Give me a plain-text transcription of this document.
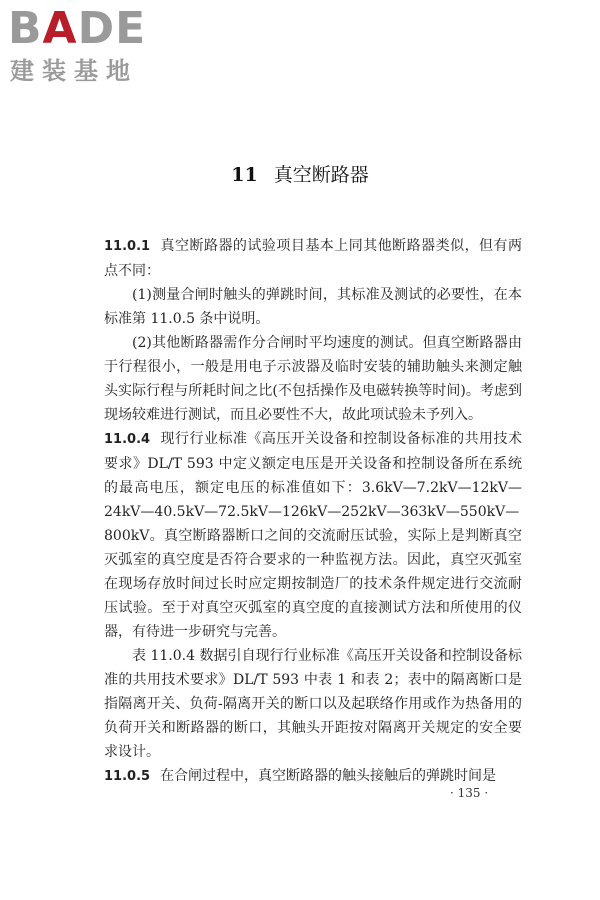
BADE
建装基地
11 真空断路器

11.0.1 真空断路器的试验项目基本上同其他断路器类似，但有两点不同：

(1)测量合闸时触头的弹跳时间，其标准及测试的必要性，在本标准第 11.0.5 条中说明。

(2)其他断路器需作分合闸时平均速度的测试。但真空断路器由于行程很小，一般是用电子示波器及临时安装的辅助触头来测定触头实际行程与所耗时间之比(不包括操作及电磁转换等时间)。考虑到现场较难进行测试，而且必要性不大，故此项试验未予列入。

11.0.4 现行行业标准《高压开关设备和控制设备标准的共用技术要求》DL/T 593 中定义额定电压是开关设备和控制设备所在系统的最高电压，额定电压的标准值如下：3.6kV—7.2kV—12kV—24kV—40.5kV—72.5kV—126kV—252kV—363kV—550kV—800kV。真空断路器断口之间的交流耐压试验，实际上是判断真空灭弧室的真空度是否符合要求的一种监视方法。因此，真空灭弧室在现场存放时间过长时应定期按制造厂的技术条件规定进行交流耐压试验。至于对真空灭弧室的真空度的直接测试方法和所使用的仪器，有待进一步研究与完善。

表 11.0.4 数据引自现行行业标准《高压开关设备和控制设备标准的共用技术要求》DL/T 593 中表 1 和表 2；表中的隔离断口是指隔离开关、负荷-隔离开关的断口以及起联络作用或作为热备用的负荷开关和断路器的断口，其触头开距按对隔离开关规定的安全要求设计。

11.0.5 在合闸过程中，真空断路器的触头接触后的弹跳时间是

· 135 ·
